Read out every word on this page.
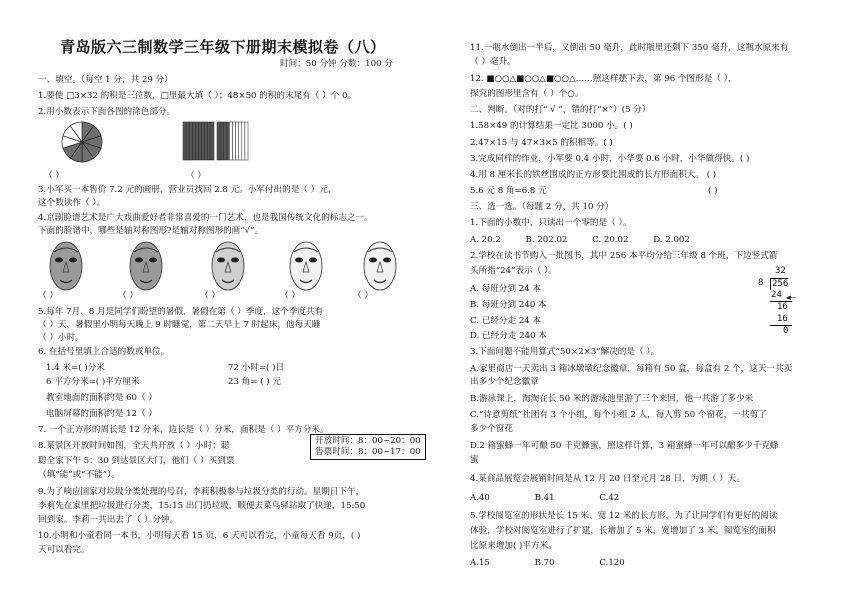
青岛版六三制数学三年级下册期末模拟卷（八）
时间：50 分钟 分数：100 分
一、填空。（每空 1 分，共 29 分）
1.要使 □3×32 的积是三位数，□里最大填（ ）；48×50 的积的末尾有（ ）个 0。
2.用小数表示下面各图的涂色部分。
（ ）	（ ）
3.小军买一本售价 7.2 元的画册，营业员找回 2.8 元。小军付出的是（ ）元，
这个数读作（ ）。
4.京剧脸谱艺术是广大戏曲爱好者非常喜爱的一门艺术，也是我国传统文化的标志之一。
下面的脸谱中，哪些是轴对称图形?是轴对称图形的画“√”。
（ ）	（ ）	（ ）	（ ）	（ ）
5.每年 7月、8 月是同学们盼望的暑假，暑假在第（ ）季度，这个季度共有
（ ）天，暑假里小明每天晚上 9 时睡觉，第二天早上 7 时起床，他每天睡
（ ）小时。
6. 在括号里填上合适的数或单位。
1.4 米=( )分米	72 小时=( )日
6 平方分米=( )平方厘米	23 角= ( ) 元
教室地面的面积约是 60（ ）
电脑屏幕的面积约是 12（ ）
7. 一个正方形的周长是 12 分米，边长是（ ）分米，面积是（ ）平方分米。
8.某景区开放时间如图，全天共开放（ ）小时；聪
聪全家下午 5：30 到达景区大门，他们（ ）买到票
（填“能”或“不能”）。
开放时间：8：00~20：00
售票时间：8：00~17：00
9.为了响应国家对垃圾分类处理的号召，李莉积极参与垃圾分类的行动。星期日下午，
李莉先在家里把垃圾进行分类，15:15 出门扔垃圾，顺便去菜鸟驿站取了快递，15:50
回到家。李莉一共出去了（ ）分钟。
10.小明和小童看同一本书，小明每天看 15 页，6 天可以看完，小童每天看 9页，( )
天可以看完。
11.一瓶水倒出一半后，又倒出 50 毫升，此时瓶里还剩下 350 毫升，这瓶水原来有
（ ）毫升。
12. ■○○△■○○△■○○△……照这样摆下去，第 96 个图形是（ ），
探究的图形里含有（ ）个○。
二、判断。（对的打“ √ ”，错的打“×”）(5 分）
1.58×49 的计算结果一定比 3000 小。( )
2.47×15 与 47×3×5 的积相等。( )
3.完成同样的作业，小军要 0.4 小时，小华要 0.6 小时，小华做得快。( )
4.用 8 厘米长的铁丝围成的正方形要比围成的长方形面积大。 ( )
5.6 元 8 角=6.8 元	( )
三、选一选。（每题 2 分，共 10 分）
1.下面的小数中，只读出一个零的是（ ）。
A. 20.2	B. 202.02	C. 20.02	D. 2.002
2.学校在读书节购入一批图书，其中 256 本平均分给三年级 8 个班，下边竖式箭
头所指“24”表示（ ）。
A. 每班分到 24 本
B. 每班分到 240 本
C. 已经分走 24 本
D. 已经分走 240 本
32
8 256
24 ◀—
16
16
0
3.下面问题不能用算式“50×2×3”解决的是（ ）。
A.家里商店一天卖出 3 箱冰墩墩纪念徽章，每箱有 50 盒，每盒有 2 个，这天一共卖
出多少个纪念徽章
B.游泳课上，淘淘在长 50 米的游泳池里游了三个来回，他一共游了多少米
C.“诗意剪纸”社团有 3 个小组，每个小组 2 人，每人剪 50 个窗花，一共剪了
多少个窗花
D.2 箱蜜蜂一年可酿 50 千克蜂蜜，照这样计算，3 箱蜜蜂一年可以酿多少千克蜂
蜜
4.某商品展览会展销时间是从 12 月 20 日至元月 28 日，为期（ ）天。
A.40	B.41	C.42
5.学校阅览室的形状是长 15 米、宽 12 米的长方形，为了让同学们有更好的阅读
体验，学校对阅览室进行了扩建，长增加了 5 米，宽增加了 3 米。阅览室的面积
比原来增加( )平方米。
A.15	B.70	C.120
